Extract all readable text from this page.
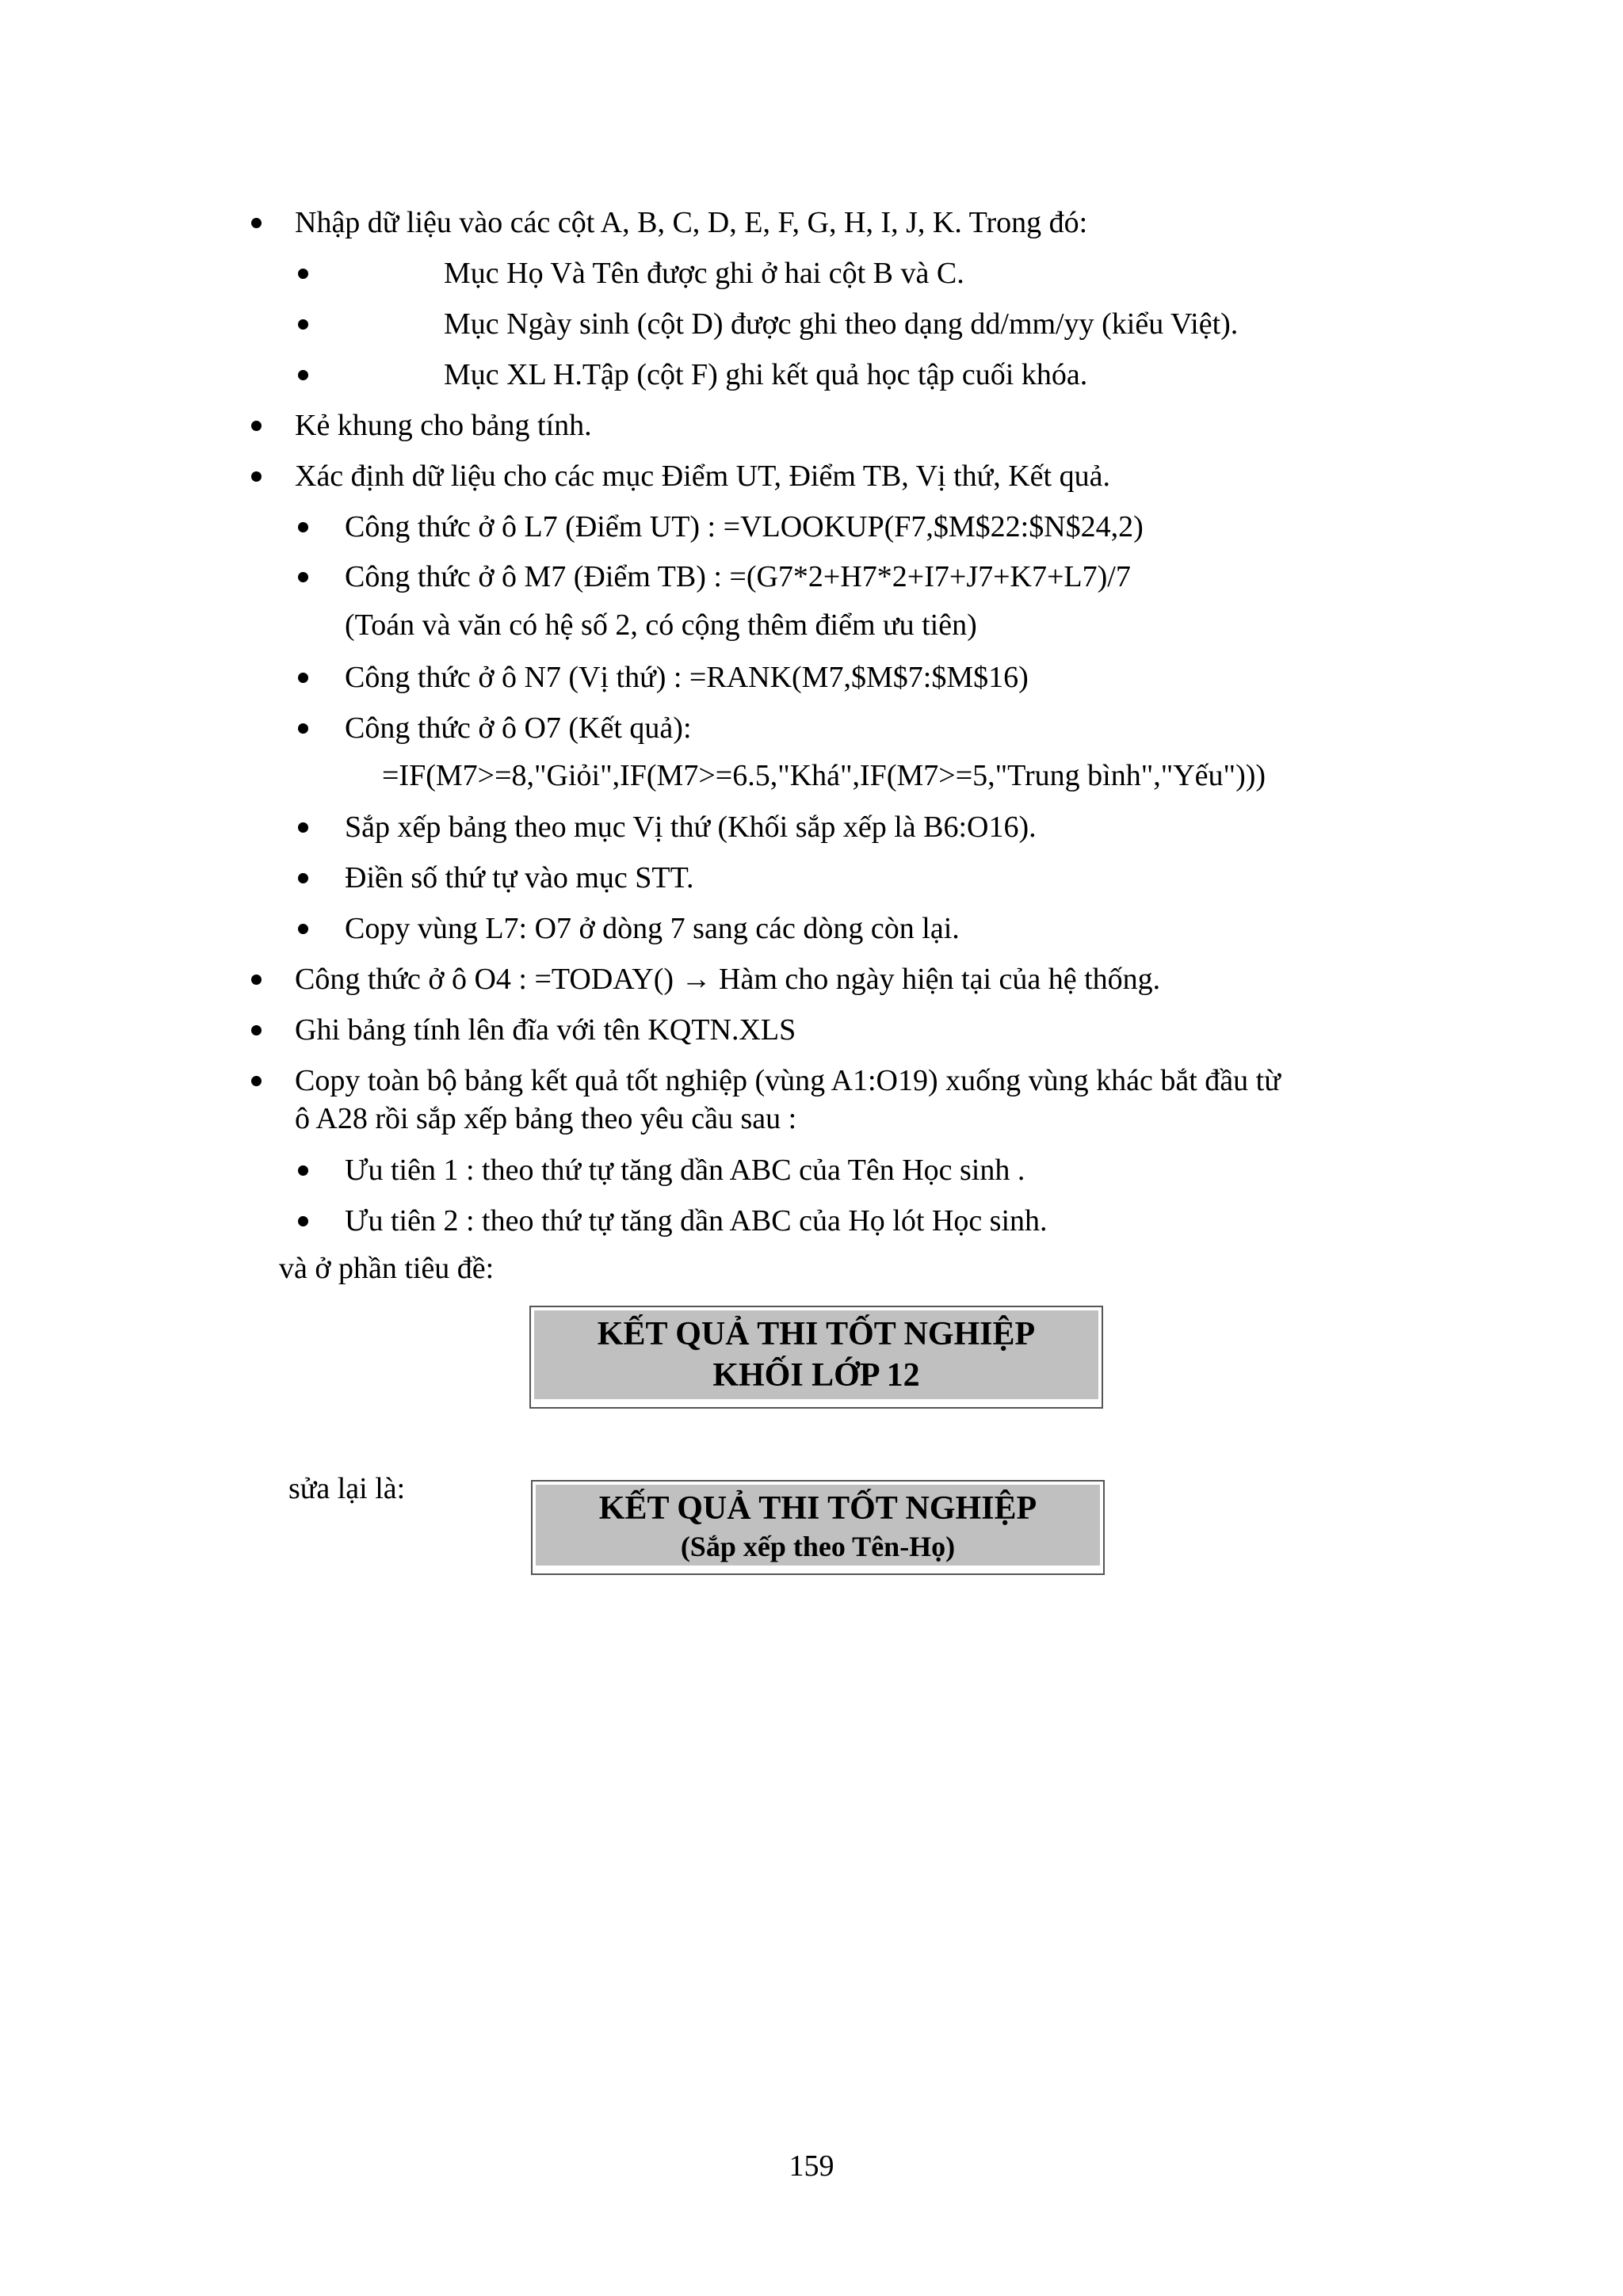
Nhập dữ liệu vào các cột A, B, C, D, E, F, G, H, I, J, K. Trong đó:
Mục Họ Và Tên được ghi ở hai cột B và C.
Mục Ngày sinh (cột D) được ghi theo dạng dd/mm/yy (kiểu Việt).
Mục XL H.Tập (cột F) ghi kết quả học tập cuối khóa.
Kẻ khung cho bảng tính.
Xác định dữ liệu cho các mục Điểm UT, Điểm TB, Vị thứ, Kết quả.
Công thức ở ô L7 (Điểm UT) : =VLOOKUP(F7,$M$22:$N$24,2)
Công thức ở ô M7 (Điểm TB) : =(G7*2+H7*2+I7+J7+K7+L7)/7
(Toán và văn có hệ số 2, có cộng thêm điểm ưu tiên)
Công thức ở ô N7 (Vị thứ) : =RANK(M7,$M$7:$M$16)
Công thức ở ô O7 (Kết quả):
=IF(M7>=8,"Giỏi",IF(M7>=6.5,"Khá",IF(M7>=5,"Trung bình","Yếu")))
Sắp xếp bảng theo mục Vị thứ (Khối sắp xếp là B6:O16).
Điền số thứ tự vào mục STT.
Copy vùng L7: O7 ở dòng 7 sang các dòng còn lại.
Công thức ở ô O4 : =TODAY() → Hàm cho ngày hiện tại của hệ thống.
Ghi bảng tính lên đĩa với tên KQTN.XLS
Copy toàn bộ bảng kết quả tốt nghiệp (vùng A1:O19) xuống vùng khác bắt đầu từ
ô A28 rồi sắp xếp bảng theo yêu cầu sau :
Ưu tiên 1 : theo thứ tự tăng dần ABC của Tên Học sinh .
Ưu tiên 2 : theo thứ tự tăng dần ABC của Họ lót Học sinh.
và ở phần tiêu đề:
KẾT QUẢ THI TỐT NGHIỆP
KHỐI LỚP 12
sửa lại là:
KẾT QUẢ THI TỐT NGHIỆP
(Sắp xếp theo Tên-Họ)
159
